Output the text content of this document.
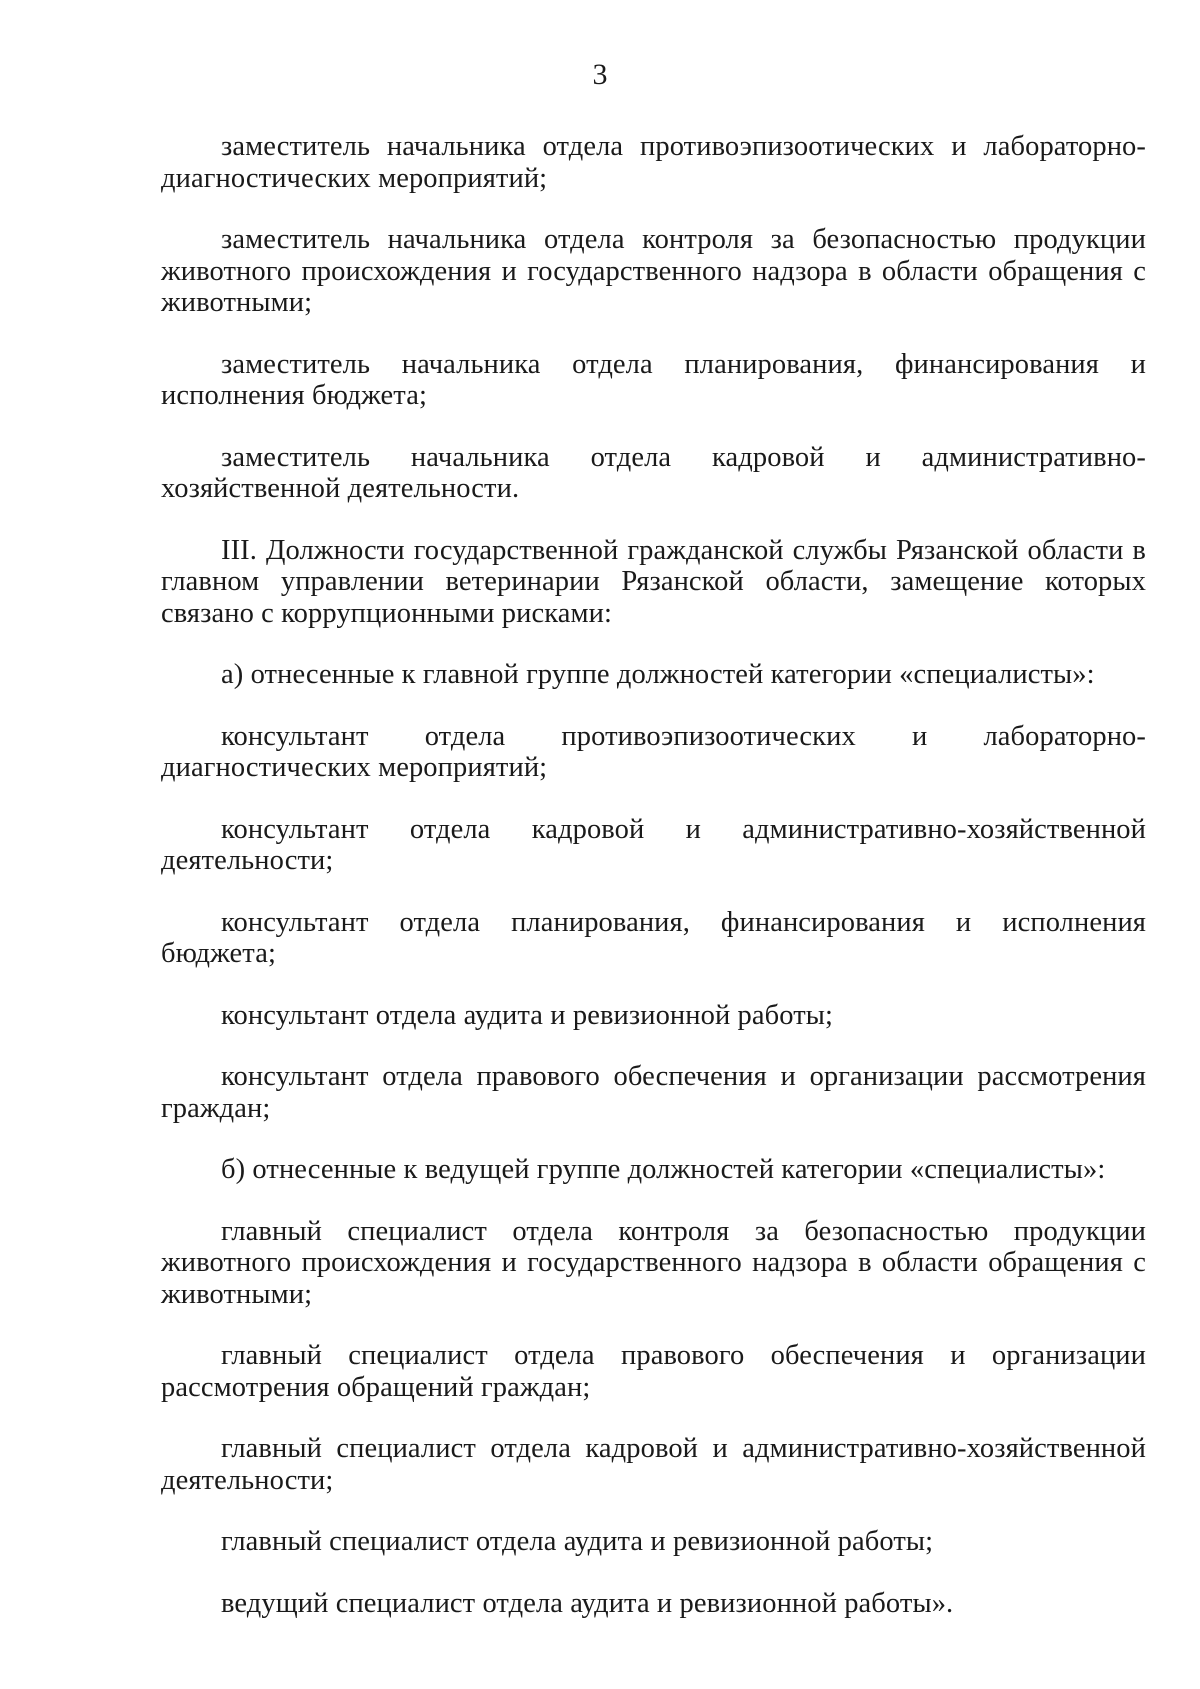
3

заместитель начальника отдела противоэпизоотических и лабораторно-диагностических мероприятий;

заместитель начальника отдела контроля за безопасностью продукции животного происхождения и государственного надзора в области обращения с животными;

заместитель начальника отдела планирования, финансирования и исполнения бюджета;

заместитель начальника отдела кадровой и административно-хозяйственной деятельности.

III. Должности государственной гражданской службы Рязанской области в главном управлении ветеринарии Рязанской области, замещение которых связано с коррупционными рисками:

а) отнесенные к главной группе должностей категории «специалисты»:

консультант отдела противоэпизоотических и лабораторно-диагностических мероприятий;

консультант отдела кадровой и административно-хозяйственной деятельности;

консультант отдела планирования, финансирования и исполнения бюджета;

консультант отдела аудита и ревизионной работы;

консультант отдела правового обеспечения и организации рассмотрения граждан;

б) отнесенные к ведущей группе должностей категории «специалисты»:

главный специалист отдела контроля за безопасностью продукции животного происхождения и государственного надзора в области обращения с животными;

главный специалист отдела правового обеспечения и организации рассмотрения обращений граждан;

главный специалист отдела кадровой и административно-хозяйственной деятельности;

главный специалист отдела аудита и ревизионной работы;

ведущий специалист отдела аудита и ревизионной работы».
